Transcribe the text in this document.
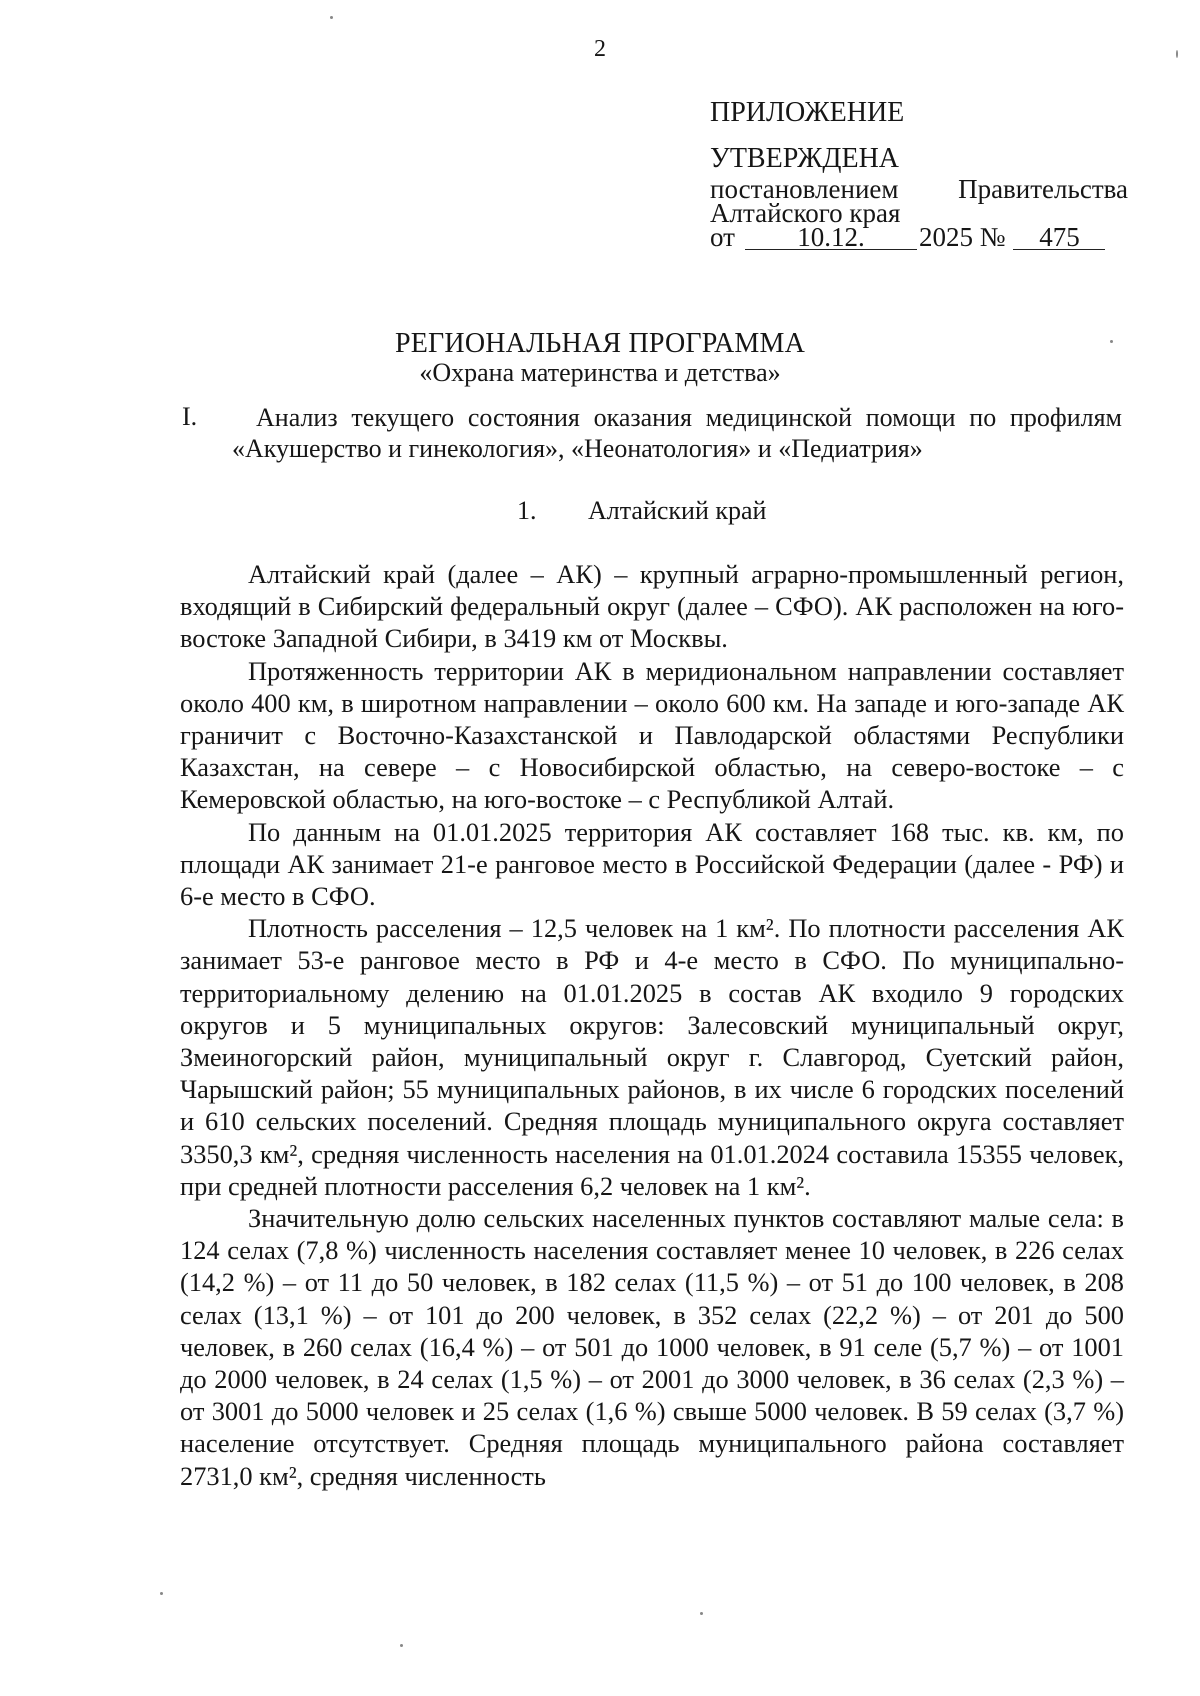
2
ПРИЛОЖЕНИЕ
УТВЕРЖДЕНА
постановлением Правительства
Алтайского края
от	10.12.	2025 №	475
РЕГИОНАЛЬНАЯ ПРОГРАММА
«Охрана материнства и детства»
I.	Анализ текущего состояния оказания медицинской помощи по профилям «Акушерство и гинекология», «Неонатология» и «Педиатрия»
1. Алтайский край

Алтайский край (далее – АК) – крупный аграрно-промышленный регион, входящий в Сибирский федеральный округ (далее – СФО). АК расположен на юго-востоке Западной Сибири, в 3419 км от Москвы.

Протяженность территории АК в меридиональном направлении составляет около 400 км, в широтном направлении – около 600 км. На западе и юго-западе АК граничит с Восточно-Казахстанской и Павлодарской областями Республики Казахстан, на севере – с Новосибирской областью, на северо-востоке – с Кемеровской областью, на юго-востоке – с Республикой Алтай.

По данным на 01.01.2025 территория АК составляет 168 тыс. кв. км, по площади АК занимает 21-е ранговое место в Российской Федерации (далее - РФ) и 6-е место в СФО.

Плотность расселения – 12,5 человек на 1 км². По плотности расселения АК занимает 53-е ранговое место в РФ и 4-е место в СФО. По муниципально-территориальному делению на 01.01.2025 в состав АК входило 9 городских округов и 5 муниципальных округов: Залесовский муниципальный округ, Змеиногорский район, муниципальный округ г. Славгород, Суетский район, Чарышский район; 55 муниципальных районов, в их числе 6 городских поселений и 610 сельских поселений. Средняя площадь муниципального округа составляет 3350,3 км², средняя численность населения на 01.01.2024 составила 15355 человек, при средней плотности расселения 6,2 человек на 1 км².

Значительную долю сельских населенных пунктов составляют малые села: в 124 селах (7,8 %) численность населения составляет менее 10 человек, в 226 селах (14,2 %) – от 11 до 50 человек, в 182 селах (11,5 %) – от 51 до 100 человек, в 208 селах (13,1 %) – от 101 до 200 человек, в 352 селах (22,2 %) – от 201 до 500 человек, в 260 селах (16,4 %) – от 501 до 1000 человек, в 91 селе (5,7 %) – от 1001 до 2000 человек, в 24 селах (1,5 %) – от 2001 до 3000 человек, в 36 селах (2,3 %) – от 3001 до 5000 человек и 25 селах (1,6 %) свыше 5000 человек. В 59 селах (3,7 %) население отсутствует. Средняя площадь муниципального района составляет 2731,0 км², средняя численность
